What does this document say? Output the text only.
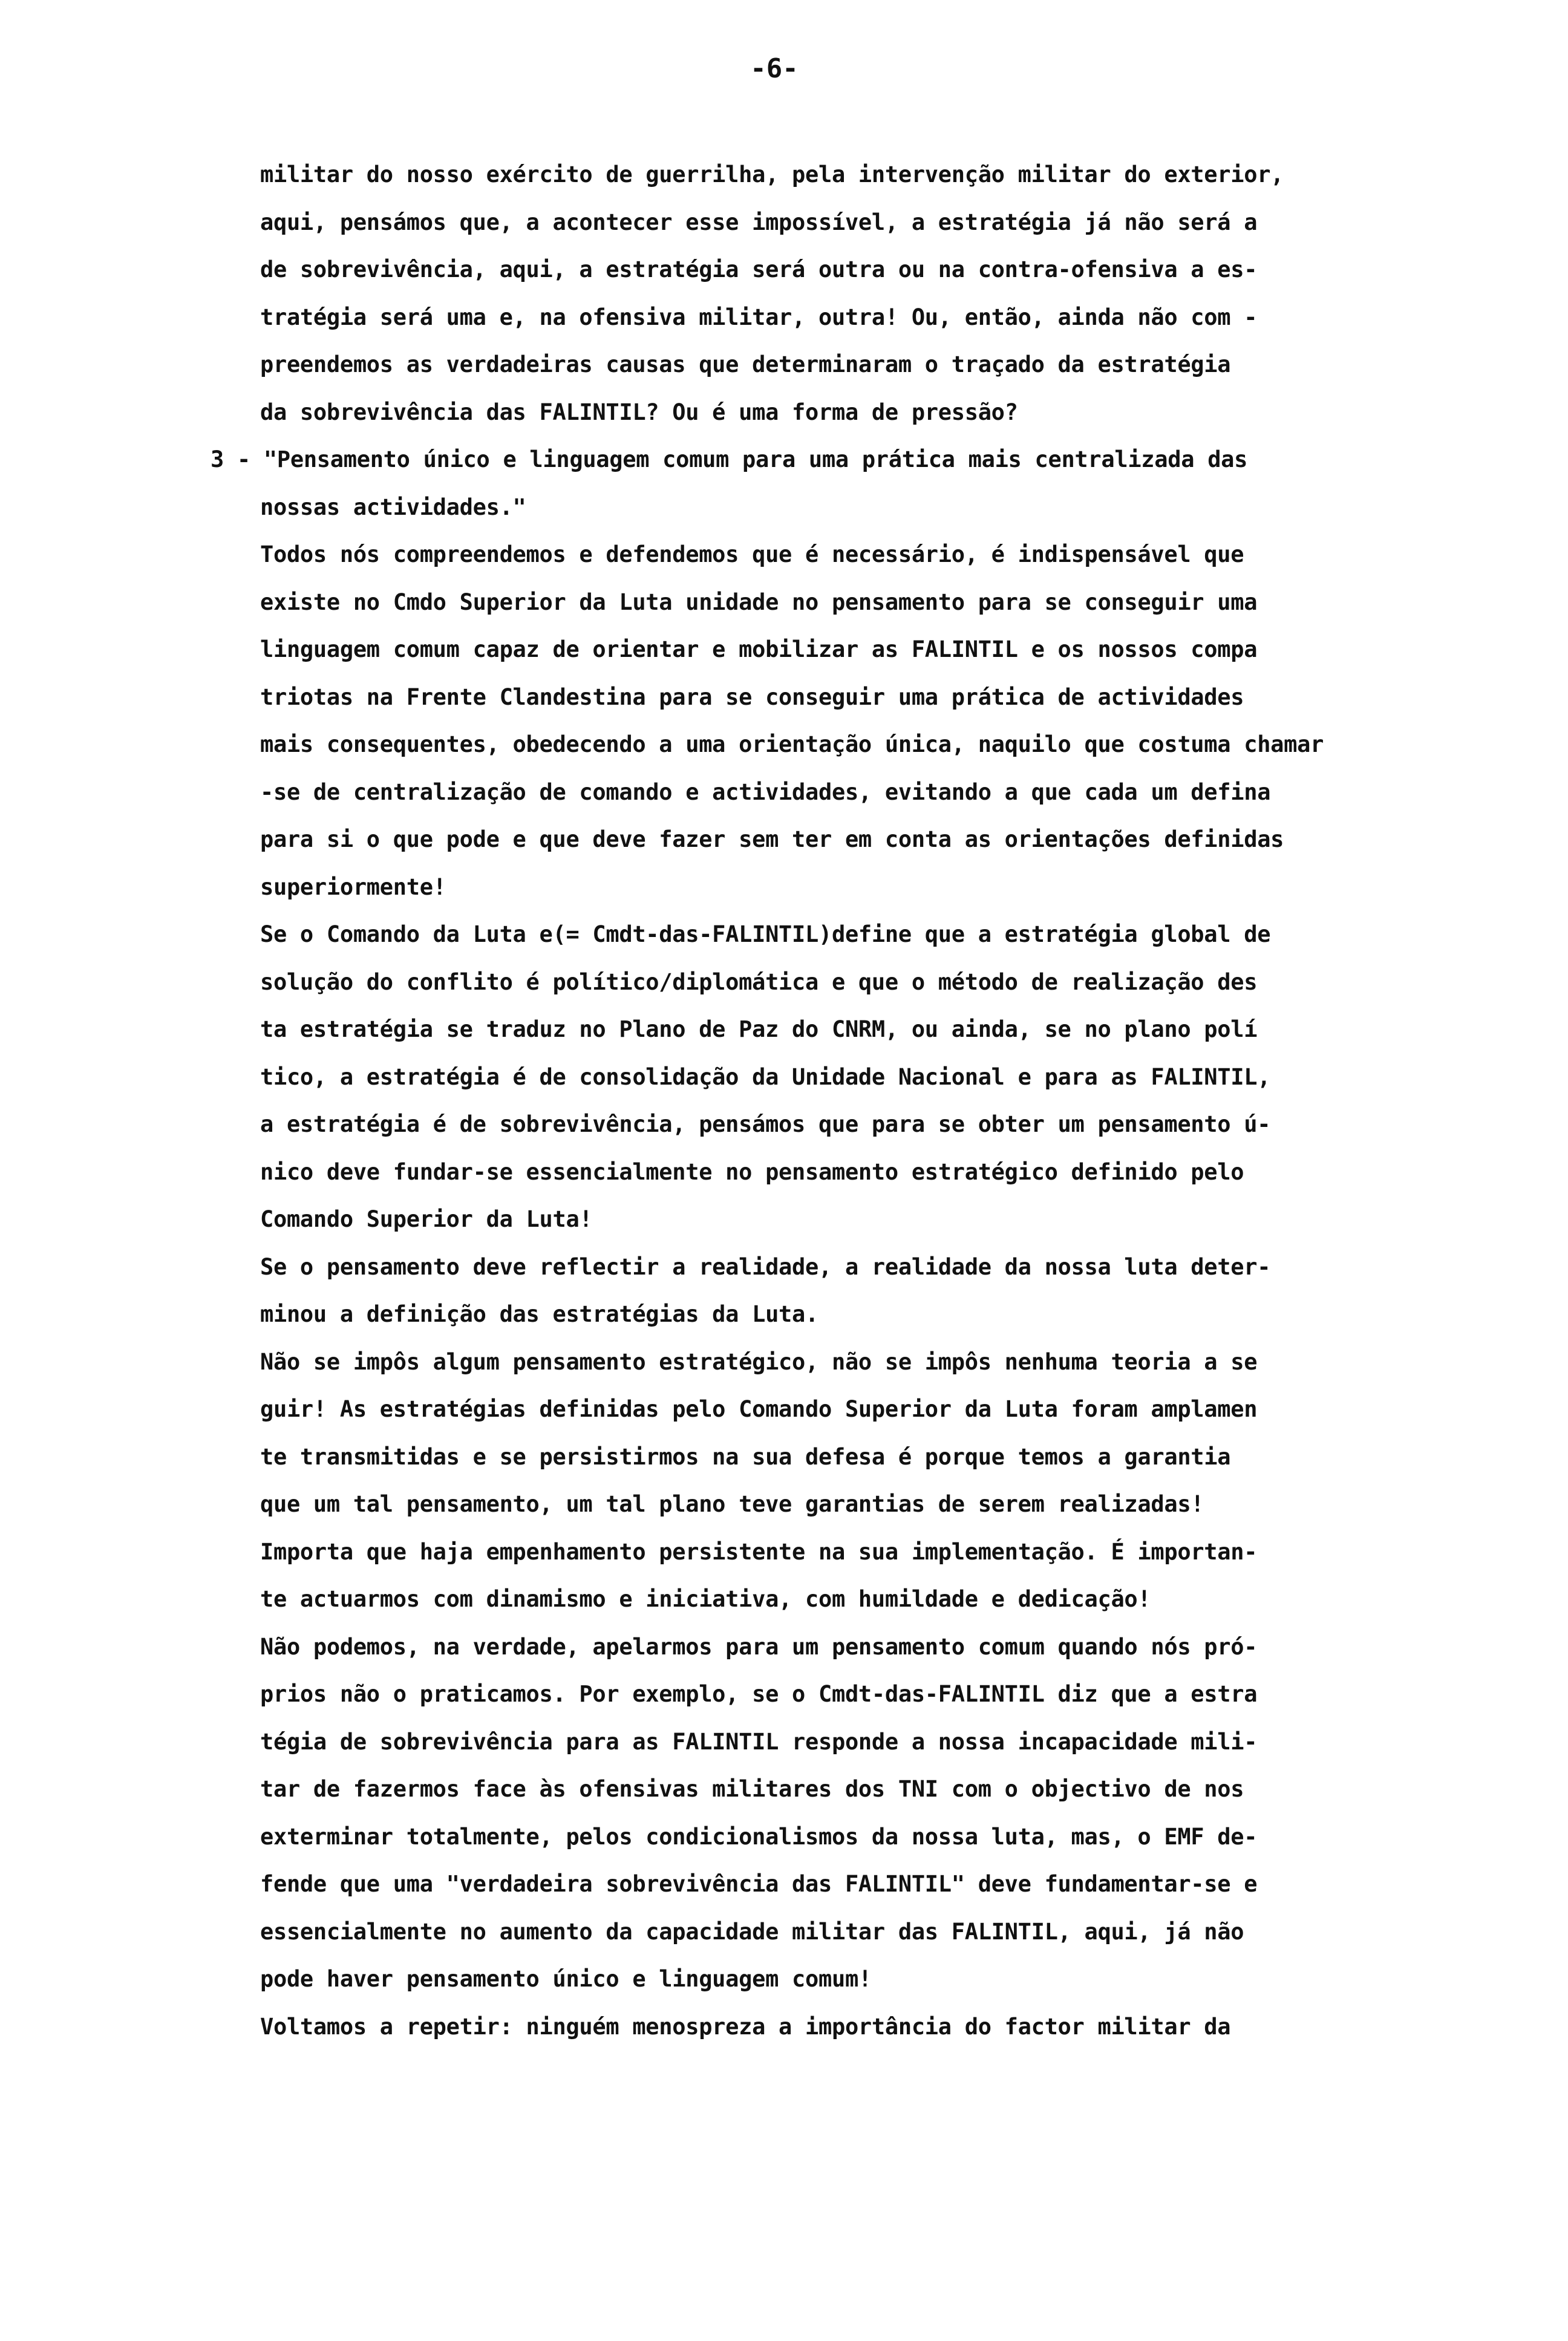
-6-
militar do nosso exército de guerrilha, pela intervenção militar do exterior,
aqui, pensámos que, a acontecer esse impossível, a estratégia já não será a
de sobrevivência, aqui, a estratégia será outra ou na contra-ofensiva a es-
tratégia será uma e, na ofensiva militar, outra! Ou, então, ainda não com -
preendemos as verdadeiras causas que determinaram o traçado da estratégia
da sobrevivência das FALINTIL? Ou é uma forma de pressão?
3 - "Pensamento único e linguagem comum para uma prática mais centralizada das
nossas actividades."
Todos nós compreendemos e defendemos que é necessário, é indispensável que
existe no Cmdo Superior da Luta unidade no pensamento para se conseguir uma
linguagem comum capaz de orientar e mobilizar as FALINTIL e os nossos compa
triotas na Frente Clandestina para se conseguir uma prática de actividades
mais consequentes, obedecendo a uma orientação única, naquilo que costuma chamar
-se de centralização de comando e actividades, evitando a que cada um defina
para si o que pode e que deve fazer sem ter em conta as orientações definidas
superiormente!
Se o Comando da Luta e(= Cmdt-das-FALINTIL)define que a estratégia global de
solução do conflito é político/diplomática e que o método de realização des
ta estratégia se traduz no Plano de Paz do CNRM, ou ainda, se no plano polí
tico, a estratégia é de consolidação da Unidade Nacional e para as FALINTIL,
a estratégia é de sobrevivência, pensámos que para se obter um pensamento ú-
nico deve fundar-se essencialmente no pensamento estratégico definido pelo
Comando Superior da Luta!
Se o pensamento deve reflectir a realidade, a realidade da nossa luta deter-
minou a definição das estratégias da Luta.
Não se impôs algum pensamento estratégico, não se impôs nenhuma teoria a se
guir! As estratégias definidas pelo Comando Superior da Luta foram amplamen
te transmitidas e se persistirmos na sua defesa é porque temos a garantia
que um tal pensamento, um tal plano teve garantias de serem realizadas!
Importa que haja empenhamento persistente na sua implementação. É importan-
te actuarmos com dinamismo e iniciativa, com humildade e dedicação!
Não podemos, na verdade, apelarmos para um pensamento comum quando nós pró-
prios não o praticamos. Por exemplo, se o Cmdt-das-FALINTIL diz que a estra
tégia de sobrevivência para as FALINTIL responde a nossa incapacidade mili-
tar de fazermos face às ofensivas militares dos TNI com o objectivo de nos
exterminar totalmente, pelos condicionalismos da nossa luta, mas, o EMF de-
fende que uma "verdadeira sobrevivência das FALINTIL" deve fundamentar-se e
essencialmente no aumento da capacidade militar das FALINTIL, aqui, já não
pode haver pensamento único e linguagem comum!
Voltamos a repetir: ninguém menospreza a importância do factor militar da
